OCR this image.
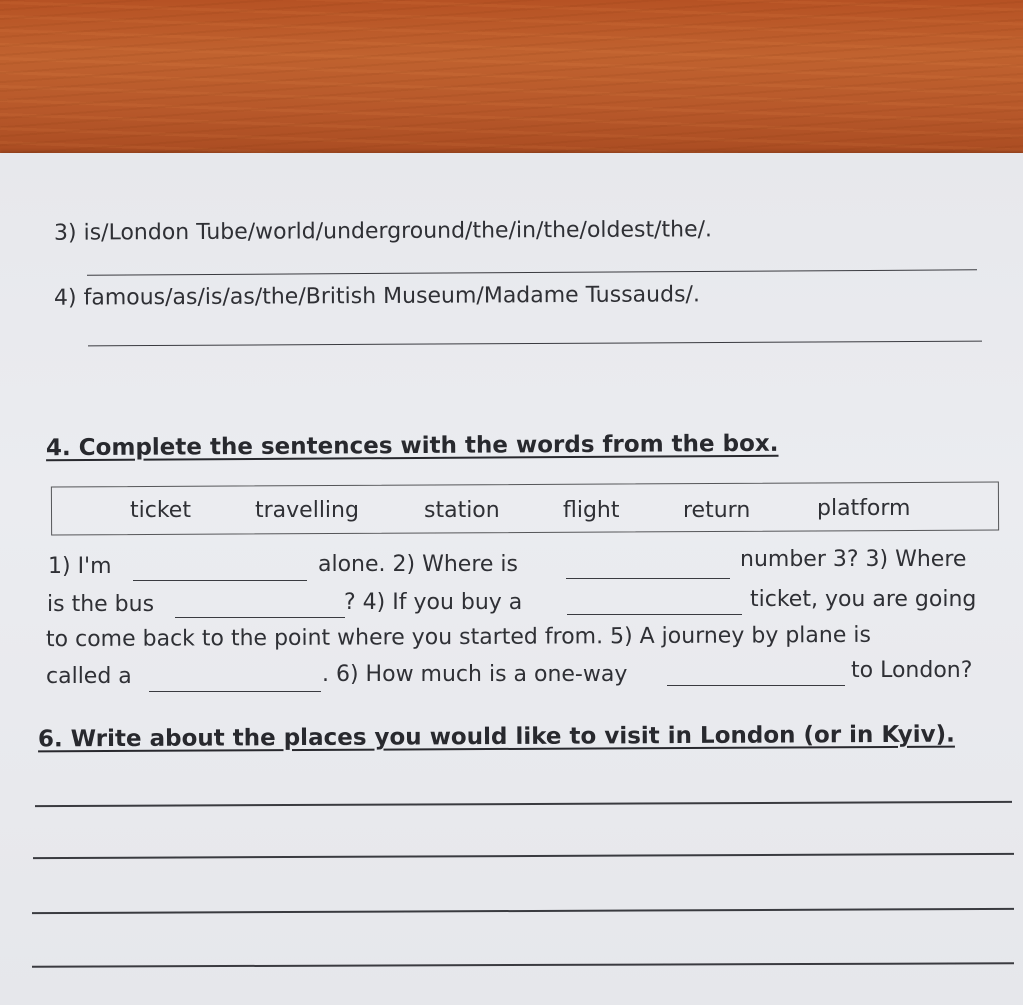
3) is/London Tube/world/underground/the/in/the/oldest/the/.
4) famous/as/is/as/the/British Museum/Madame Tussauds/.
4. Complete the sentences with the words from the box.
ticket	travelling	station	flight	return	platform
1) I'm	alone. 2) Where is	number 3? 3) Where
is the bus	? 4) If you buy a	ticket, you are going
to come back to the point where you started from. 5) A journey by plane is
called a	. 6) How much is a one-way	to London?
6. Write about the places you would like to visit in London (or in Kyiv).
